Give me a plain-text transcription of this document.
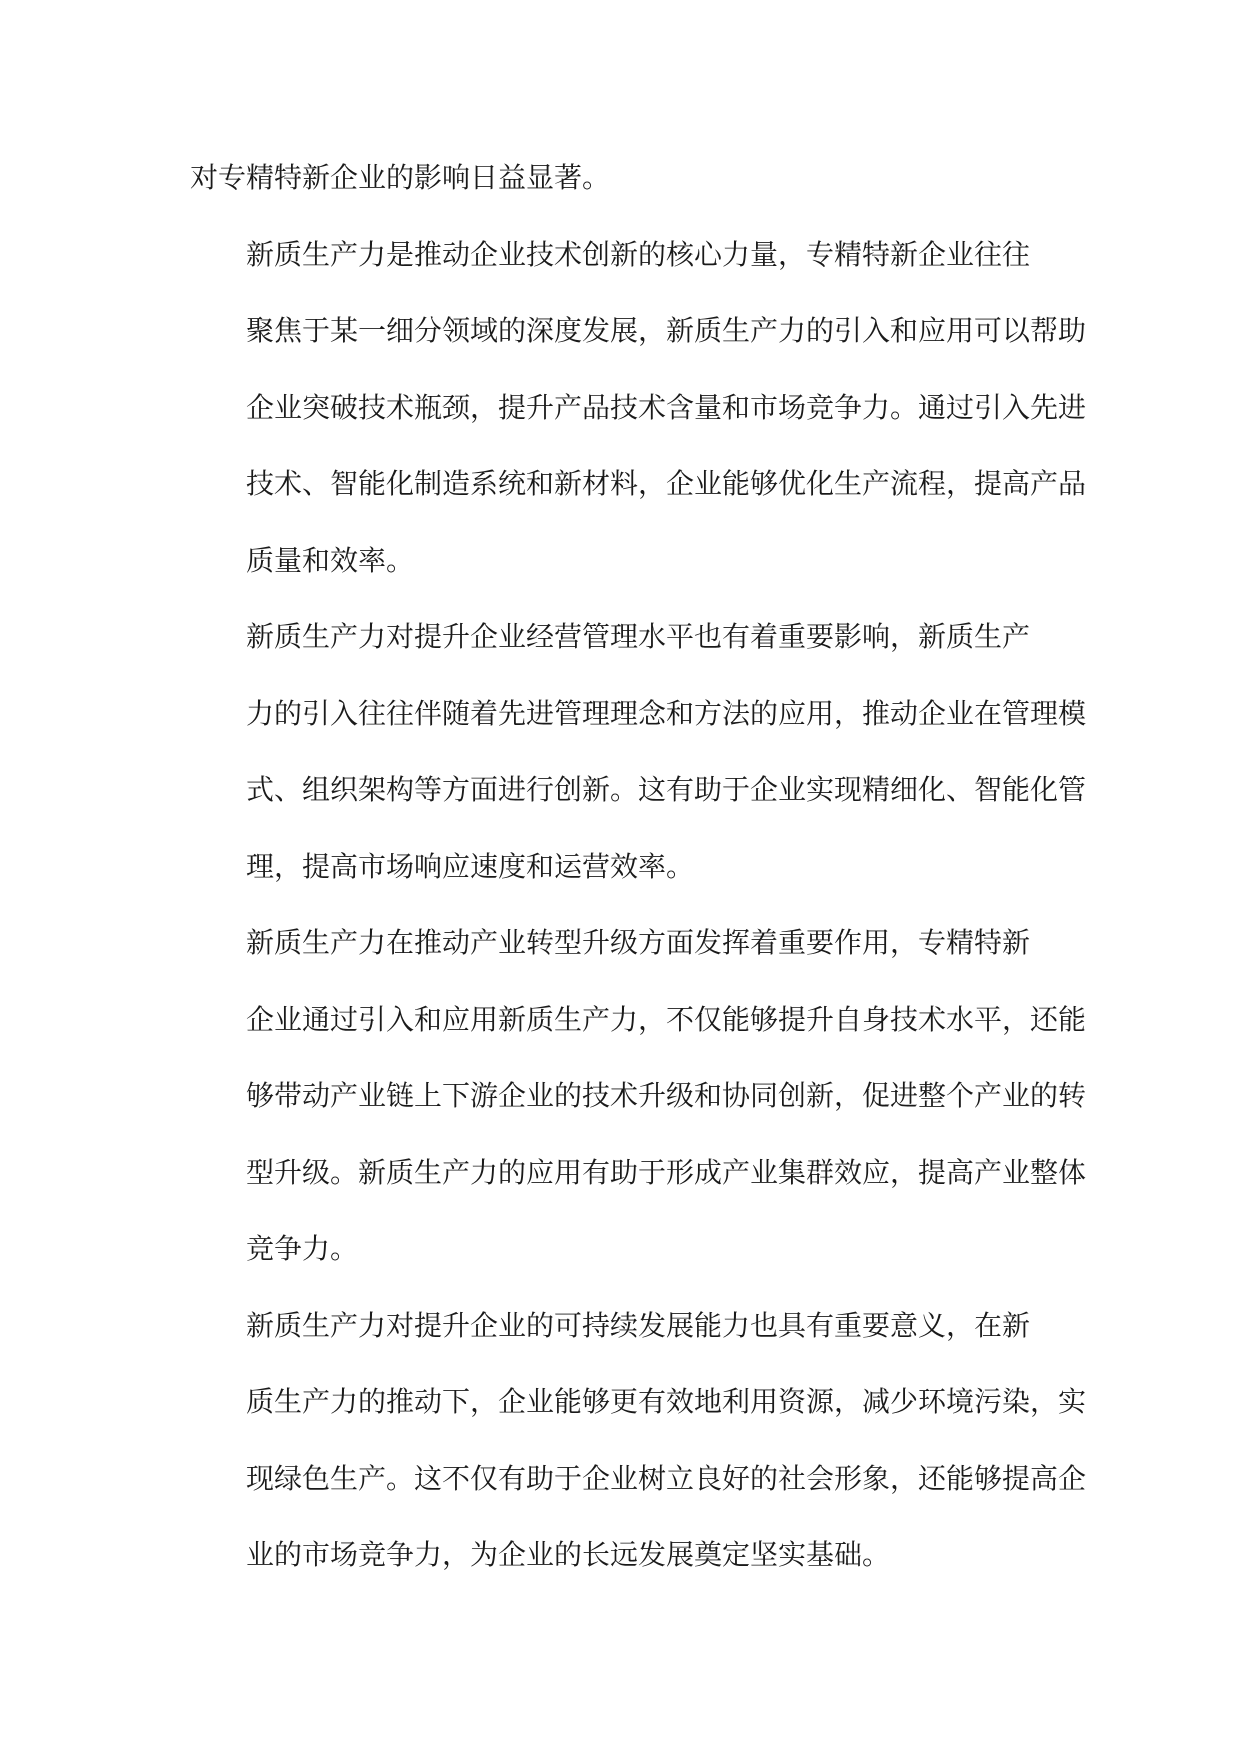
对专精特新企业的影响日益显著。

新质生产力是推动企业技术创新的核心力量，专精特新企业往往
聚焦于某一细分领域的深度发展，新质生产力的引入和应用可以帮助
企业突破技术瓶颈，提升产品技术含量和市场竞争力。通过引入先进
技术、智能化制造系统和新材料，企业能够优化生产流程，提高产品
质量和效率。

新质生产力对提升企业经营管理水平也有着重要影响，新质生产
力的引入往往伴随着先进管理理念和方法的应用，推动企业在管理模
式、组织架构等方面进行创新。这有助于企业实现精细化、智能化管
理，提高市场响应速度和运营效率。

新质生产力在推动产业转型升级方面发挥着重要作用，专精特新
企业通过引入和应用新质生产力，不仅能够提升自身技术水平，还能
够带动产业链上下游企业的技术升级和协同创新，促进整个产业的转
型升级。新质生产力的应用有助于形成产业集群效应，提高产业整体
竞争力。

新质生产力对提升企业的可持续发展能力也具有重要意义，在新
质生产力的推动下，企业能够更有效地利用资源，减少环境污染，实
现绿色生产。这不仅有助于企业树立良好的社会形象，还能够提高企
业的市场竞争力，为企业的长远发展奠定坚实基础。
